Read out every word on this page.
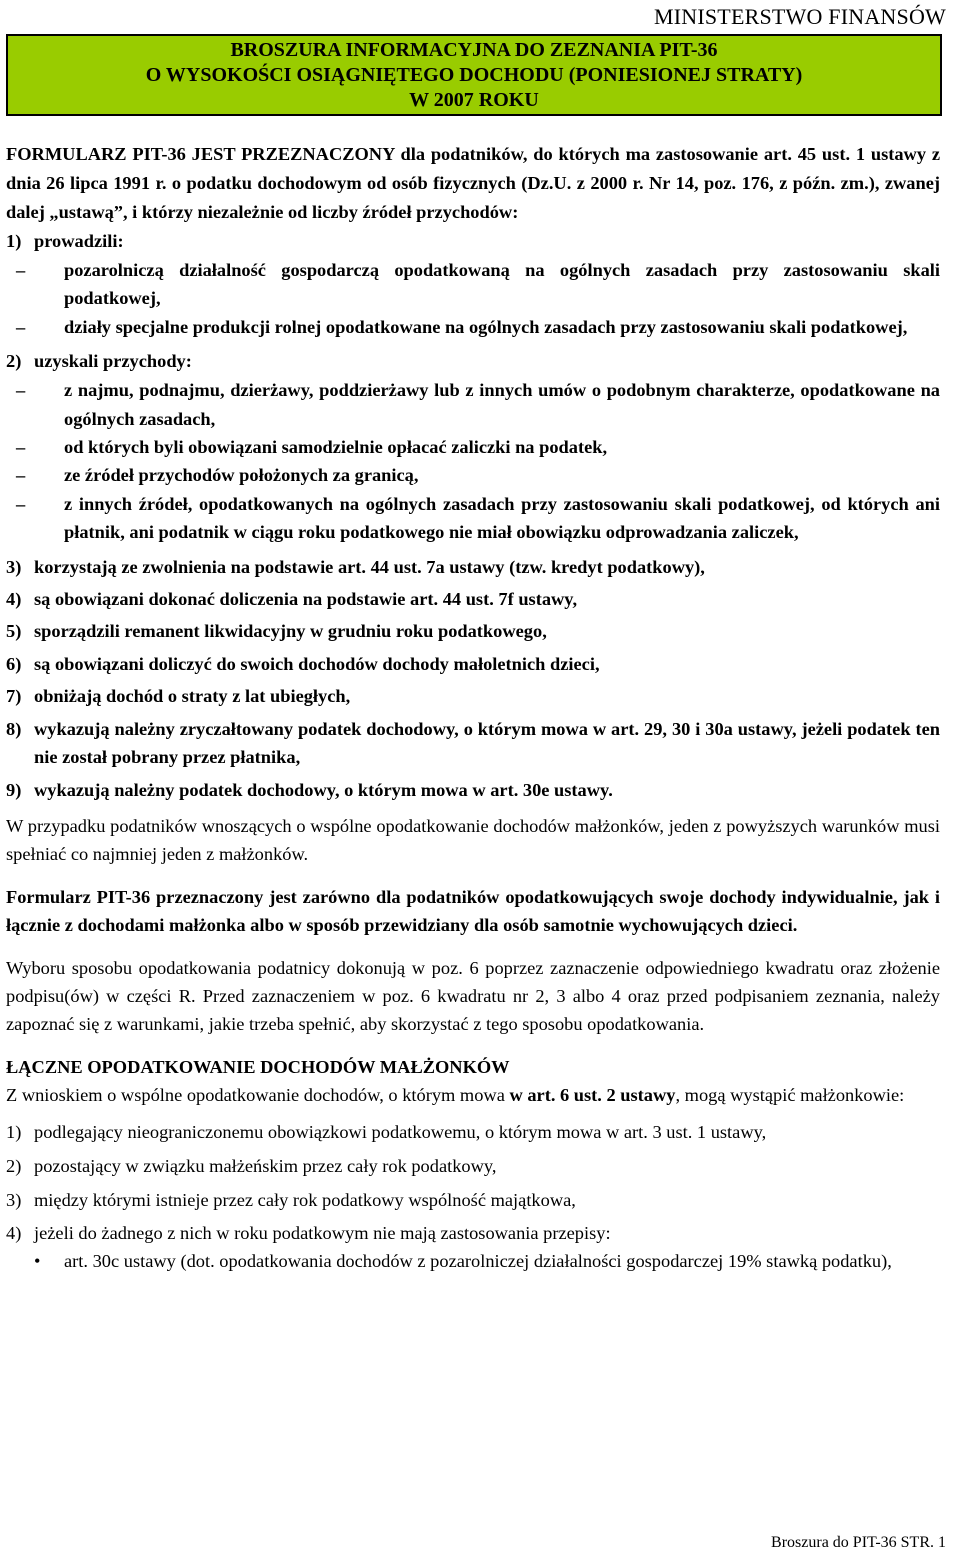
MINISTERSTWO FINANSÓW
BROSZURA INFORMACYJNA DO ZEZNANIA PIT-36
O WYSOKOŚCI OSIĄGNIĘTEGO DOCHODU (PONIESIONEJ STRATY)
W 2007 ROKU

FORMULARZ PIT-36 JEST PRZEZNACZONY dla podatników, do których ma zastosowanie art. 45 ust. 1 ustawy z dnia 26 lipca 1991 r. o podatku dochodowym od osób fizycznych (Dz.U. z 2000 r. Nr 14, poz. 176, z późn. zm.), zwanej dalej „ustawą”, i którzy niezależnie od liczby źródeł przychodów:

1) prowadzili:
–	pozarolniczą działalność gospodarczą opodatkowaną na ogólnych zasadach przy zastosowaniu skali podatkowej,
–	działy specjalne produkcji rolnej opodatkowane na ogólnych zasadach przy zastosowaniu skali podatkowej,
2) uzyskali przychody:
–	z najmu, podnajmu, dzierżawy, poddzierżawy lub z innych umów o podobnym charakterze, opodatkowane na ogólnych zasadach,
–	od których byli obowiązani samodzielnie opłacać zaliczki na podatek,
–	ze źródeł przychodów położonych za granicą,
–	z innych źródeł, opodatkowanych na ogólnych zasadach przy zastosowaniu skali podatkowej, od których ani płatnik, ani podatnik w ciągu roku podatkowego nie miał obowiązku odprowadzania zaliczek,
3) korzystają ze zwolnienia na podstawie art. 44 ust. 7a ustawy (tzw. kredyt podatkowy),
4) są obowiązani dokonać doliczenia na podstawie art. 44 ust. 7f ustawy,
5) sporządzili remanent likwidacyjny w grudniu roku podatkowego,
6) są obowiązani doliczyć do swoich dochodów dochody małoletnich dzieci,
7) obniżają dochód o straty z lat ubiegłych,
8) wykazują należny zryczałtowany podatek dochodowy, o którym mowa w art. 29, 30 i 30a ustawy, jeżeli podatek ten nie został pobrany przez płatnika,
9) wykazują należny podatek dochodowy, o którym mowa w art. 30e ustawy.

W przypadku podatników wnoszących o wspólne opodatkowanie dochodów małżonków, jeden z powyższych warunków musi spełniać co najmniej jeden z małżonków.

Formularz PIT-36 przeznaczony jest zarówno dla podatników opodatkowujących swoje dochody indywidualnie, jak i łącznie z dochodami małżonka albo w sposób przewidziany dla osób samotnie wychowujących dzieci.

Wyboru sposobu opodatkowania podatnicy dokonują w poz. 6 poprzez zaznaczenie odpowiedniego kwadratu oraz złożenie podpisu(ów) w części R. Przed zaznaczeniem w poz. 6 kwadratu nr 2, 3 albo 4 oraz przed podpisaniem zeznania, należy zapoznać się z warunkami, jakie trzeba spełnić, aby skorzystać z tego sposobu opodatkowania.

ŁĄCZNE OPODATKOWANIE DOCHODÓW MAŁŻONKÓW

Z wnioskiem o wspólne opodatkowanie dochodów, o którym mowa w art. 6 ust. 2 ustawy, mogą wystąpić małżonkowie:

1) podlegający nieograniczonemu obowiązkowi podatkowemu, o którym mowa w art. 3 ust. 1 ustawy,
2) pozostający w związku małżeńskim przez cały rok podatkowy,
3) między którymi istnieje przez cały rok podatkowy wspólność majątkowa,
4) jeżeli do żadnego z nich w roku podatkowym nie mają zastosowania przepisy:
•	art. 30c ustawy (dot. opodatkowania dochodów z pozarolniczej działalności gospodarczej 19% stawką podatku),
Broszura do PIT-36 STR. 1
